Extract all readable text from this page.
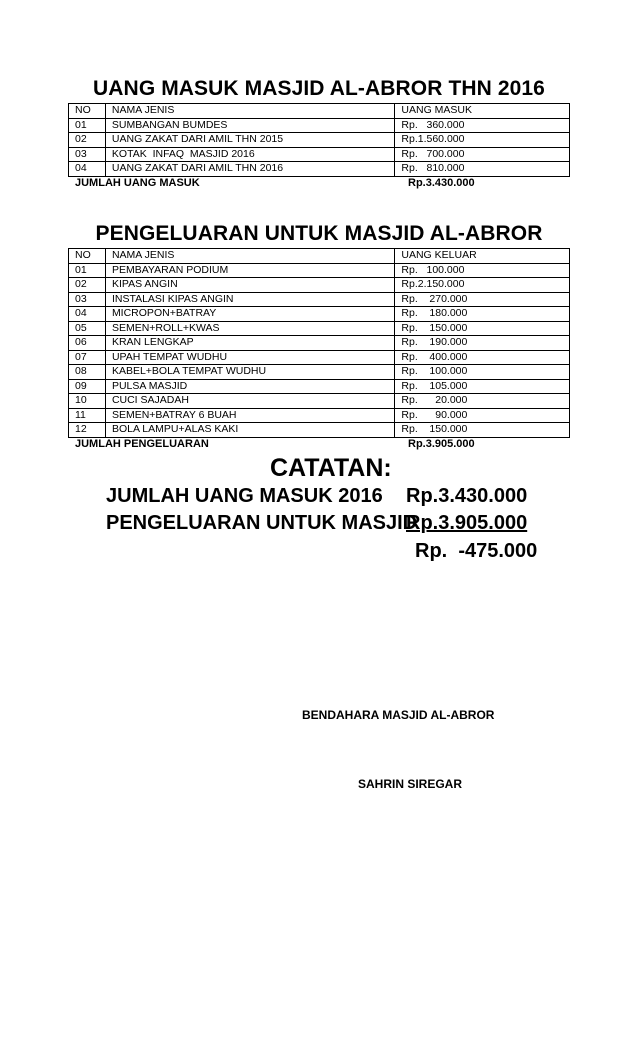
UANG MASUK MASJID AL-ABROR THN 2016
NO	NAMA JENIS	UANG MASUK
01	SUMBANGAN BUMDES	Rp.   360.000
02	UANG ZAKAT DARI AMIL THN 2015	Rp.1.560.000
03	KOTAK  INFAQ  MASJID 2016	Rp.   700.000
04	UANG ZAKAT DARI AMIL THN 2016	Rp.   810.000
JUMLAH UANG MASUK	Rp.3.430.000
PENGELUARAN UNTUK MASJID AL-ABROR
NO	NAMA JENIS	UANG KELUAR
01	PEMBAYARAN PODIUM	Rp.   100.000
02	KIPAS ANGIN	Rp.2.150.000
03	INSTALASI KIPAS ANGIN	Rp.    270.000
04	MICROPON+BATRAY	Rp.    180.000
05	SEMEN+ROLL+KWAS	Rp.    150.000
06	KRAN LENGKAP	Rp.    190.000
07	UPAH TEMPAT WUDHU	Rp.    400.000
08	KABEL+BOLA TEMPAT WUDHU	Rp.    100.000
09	PULSA MASJID	Rp.    105.000
10	CUCI SAJADAH	Rp.      20.000
11	SEMEN+BATRAY 6 BUAH	Rp.      90.000
12	BOLA LAMPU+ALAS KAKI	Rp.    150.000
JUMLAH PENGELUARAN	Rp.3.905.000
CATATAN:
JUMLAH UANG MASUK 2016 Rp.3.430.000
PENGELUARAN UNTUK MASJID
Rp.3.905.000
Rp.  -475.000
BENDAHARA MASJID AL-ABROR
SAHRIN SIREGAR
